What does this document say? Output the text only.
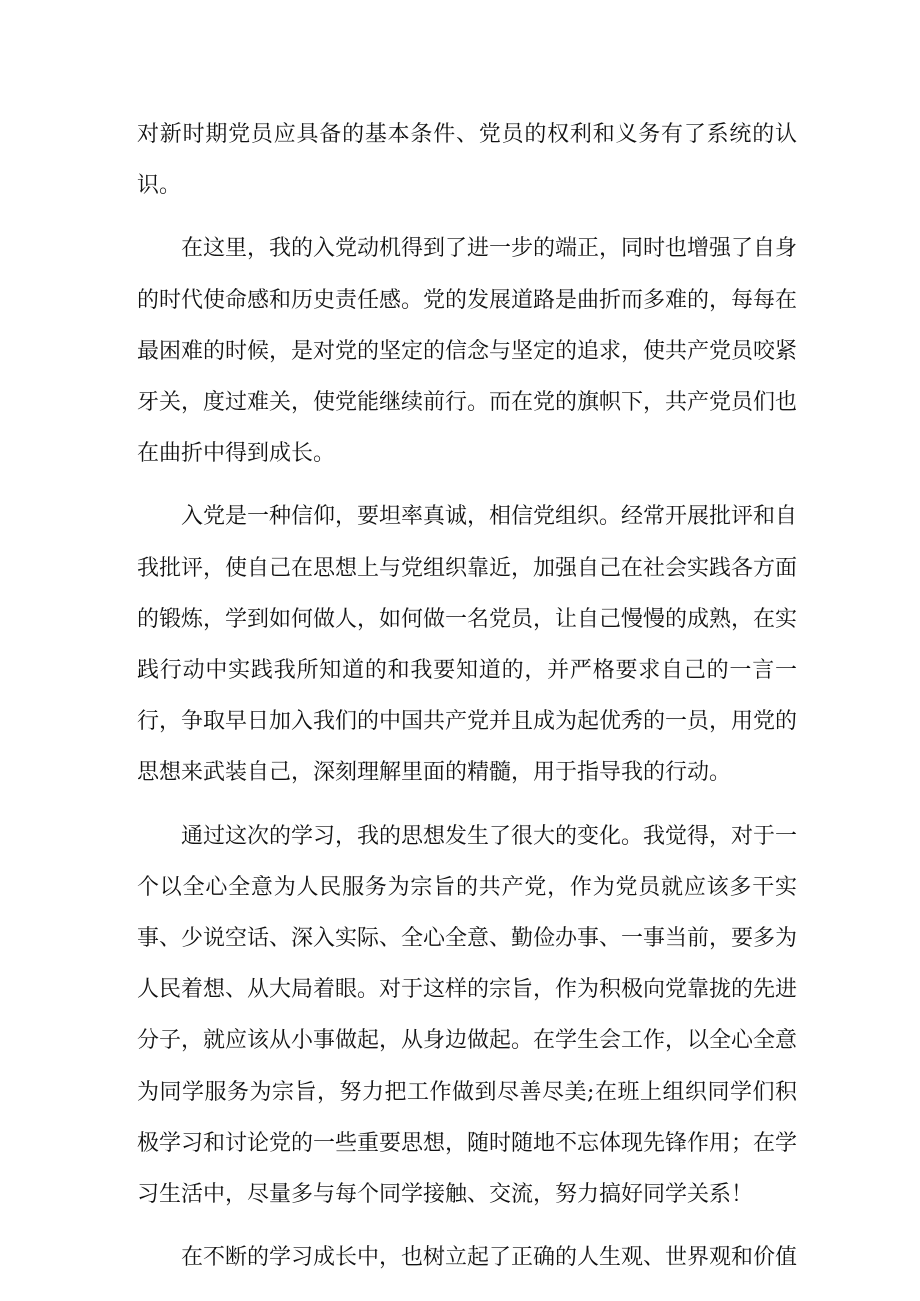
对新时期党员应具备的基本条件、党员的权利和义务有了系统的认识。

在这里，我的入党动机得到了进一步的端正，同时也增强了自身的时代使命感和历史责任感。党的发展道路是曲折而多难的，每每在最困难的时候，是对党的坚定的信念与坚定的追求，使共产党员咬紧牙关，度过难关，使党能继续前行。而在党的旗帜下，共产党员们也在曲折中得到成长。

入党是一种信仰，要坦率真诚，相信党组织。经常开展批评和自我批评，使自己在思想上与党组织靠近，加强自己在社会实践各方面的锻炼，学到如何做人，如何做一名党员，让自己慢慢的成熟，在实践行动中实践我所知道的和我要知道的，并严格要求自己的一言一行，争取早日加入我们的中国共产党并且成为起优秀的一员，用党的思想来武装自己，深刻理解里面的精髓，用于指导我的行动。

通过这次的学习，我的思想发生了很大的变化。我觉得，对于一个以全心全意为人民服务为宗旨的共产党，作为党员就应该多干实事、少说空话、深入实际、全心全意、勤俭办事、一事当前，要多为人民着想、从大局着眼。对于这样的宗旨，作为积极向党靠拢的先进分子，就应该从小事做起，从身边做起。在学生会工作，以全心全意为同学服务为宗旨，努力把工作做到尽善尽美;在班上组织同学们积极学习和讨论党的一些重要思想，随时随地不忘体现先锋作用；在学习生活中，尽量多与每个同学接触、交流，努力搞好同学关系！

在不断的学习成长中，也树立起了正确的人生观、世界观和价值
